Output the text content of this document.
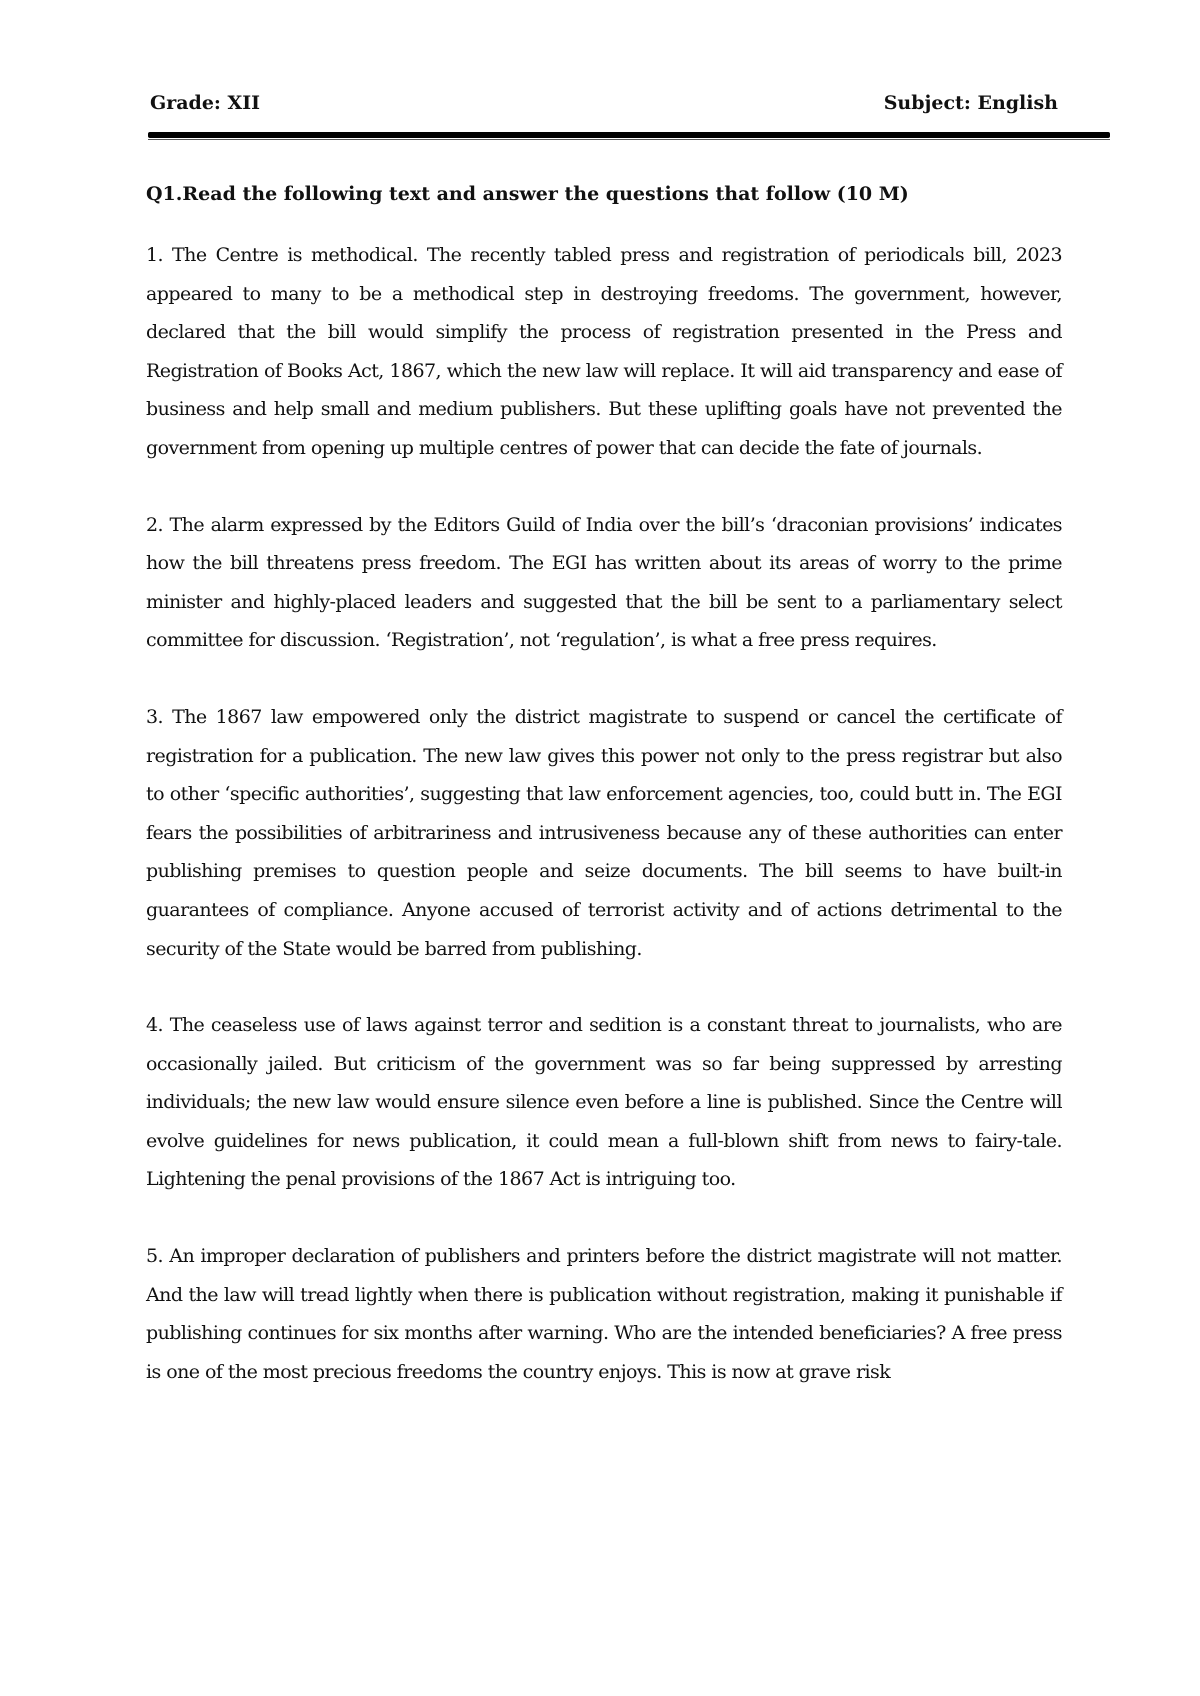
Grade: XII	Subject: English

Q1.Read the following text and answer the questions that follow (10 M)

1. The Centre is methodical. The recently tabled press and registration of periodicals bill, 2023 appeared to many to be a methodical step in destroying freedoms. The government, however, declared that the bill would simplify the process of registration presented in the Press and Registration of Books Act, 1867, which the new law will replace. It will aid transparency and ease of business and help small and medium publishers. But these uplifting goals have not prevented the government from opening up multiple centres of power that can decide the fate of journals.

2. The alarm expressed by the Editors Guild of India over the bill’s ‘draconian provisions’ indicates how the bill threatens press freedom. The EGI has written about its areas of worry to the prime minister and highly-placed leaders and suggested that the bill be sent to a parliamentary select committee for discussion. ‘Registration’, not ‘regulation’, is what a free press requires.

3. The 1867 law empowered only the district magistrate to suspend or cancel the certificate of registration for a publication. The new law gives this power not only to the press registrar but also to other ‘specific authorities’, suggesting that law enforcement agencies, too, could butt in. The EGI fears the possibilities of arbitrariness and intrusiveness because any of these authorities can enter publishing premises to question people and seize documents. The bill seems to have built-in guarantees of compliance. Anyone accused of terrorist activity and of actions detrimental to the security of the State would be barred from publishing.

4. The ceaseless use of laws against terror and sedition is a constant threat to journalists, who are occasionally jailed. But criticism of the government was so far being suppressed by arresting individuals; the new law would ensure silence even before a line is published. Since the Centre will evolve guidelines for news publication, it could mean a full-blown shift from news to fairy-tale. Lightening the penal provisions of the 1867 Act is intriguing too.

5. An improper declaration of publishers and printers before the district magistrate will not matter. And the law will tread lightly when there is publication without registration, making it punishable if publishing continues for six months after warning. Who are the intended beneficiaries? A free press is one of the most precious freedoms the country enjoys. This is now at grave risk
